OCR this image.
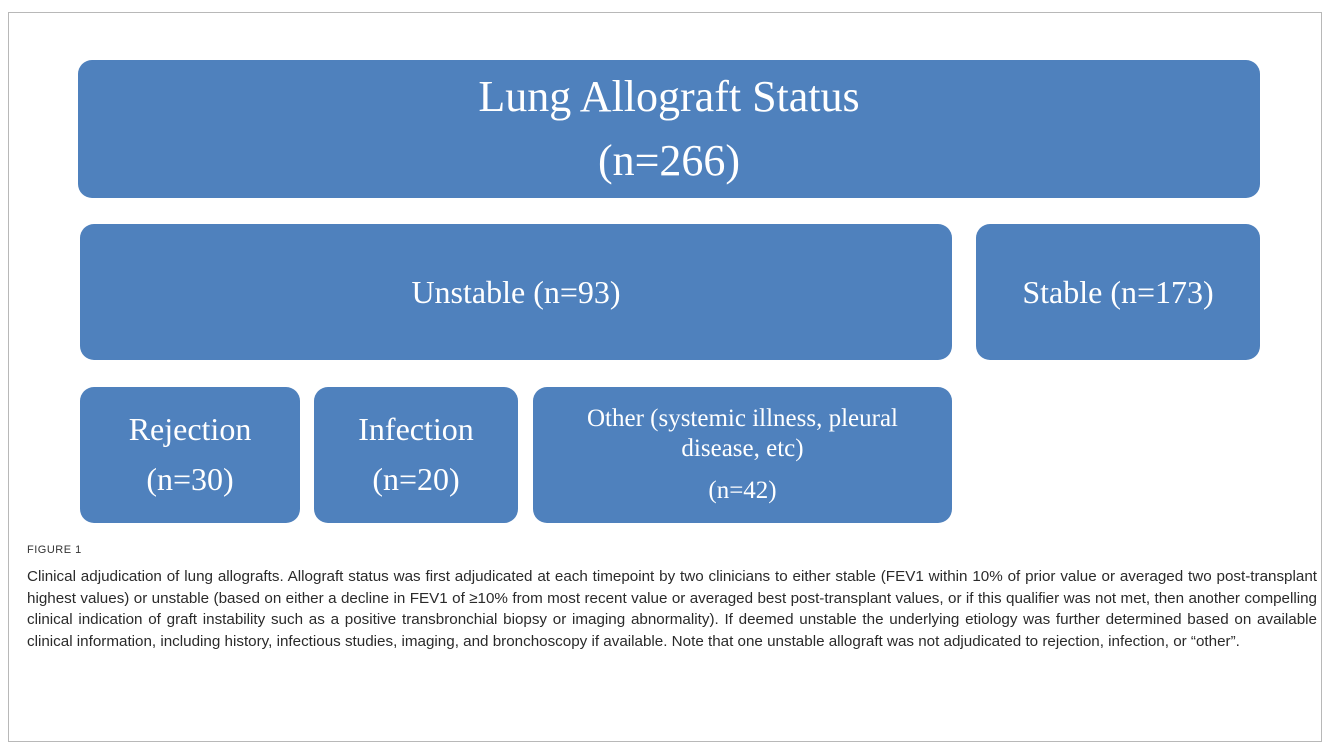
Lung Allograft Status
(n=266)
Unstable (n=93)	Stable (n=173)
Rejection
(n=30)
Infection
(n=20)
Other (systemic illness, pleural disease, etc)
(n=42)
FIGURE 1
Clinical adjudication of lung allografts. Allograft status was first adjudicated at each timepoint by two clinicians to either stable (FEV1 within 10% of prior value or averaged two post-transplant highest values) or unstable (based on either a decline in FEV1 of ≥10% from most recent value or averaged best post-transplant values, or if this qualifier was not met, then another compelling clinical indication of graft instability such as a positive transbronchial biopsy or imaging abnormality). If deemed unstable the underlying etiology was further determined based on available clinical information, including history, infectious studies, imaging, and bronchoscopy if available. Note that one unstable allograft was not adjudicated to rejection, infection, or “other”.
